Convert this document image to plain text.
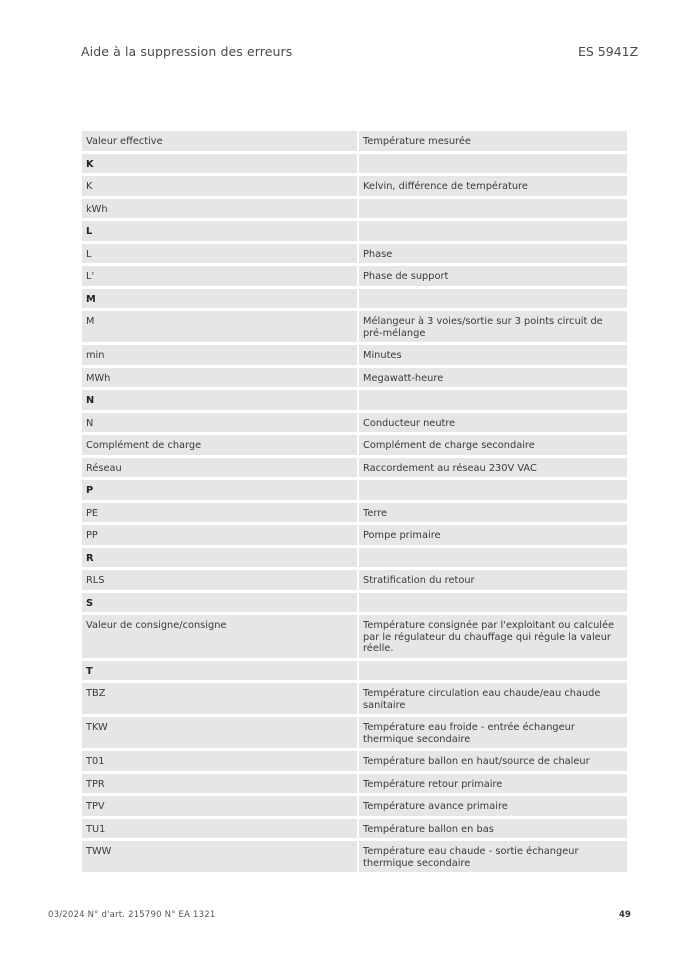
Aide à la suppression des erreurs	ES 5941Z
Valeur effective	Température mesurée
K	
K	Kelvin, différence de température
kWh	
L	
L	Phase
L'	Phase de support
M	
M	Mélangeur à 3 voies/sortie sur 3 points circuit de pré-mélange
min	Minutes
MWh	Megawatt-heure
N	
N	Conducteur neutre
Complément de charge	Complément de charge secondaire
Réseau	Raccordement au réseau 230V VAC
P	
PE	Terre
PP	Pompe primaire
R	
RLS	Stratification du retour
S	
Valeur de consigne/consigne	Température consignée par l'exploitant ou calculée par le régulateur du chauffage qui régule la valeur réelle.
T	
TBZ	Température circulation eau chaude/eau chaude sanitaire
TKW	Température eau froide - entrée échangeur thermique secondaire
T01	Température ballon en haut/source de chaleur
TPR	Température retour primaire
TPV	Température avance primaire
TU1	Température ballon en bas
TWW	Température eau chaude - sortie échangeur thermique secondaire
03/2024 N° d'art. 215790 N° EA 1321	49
